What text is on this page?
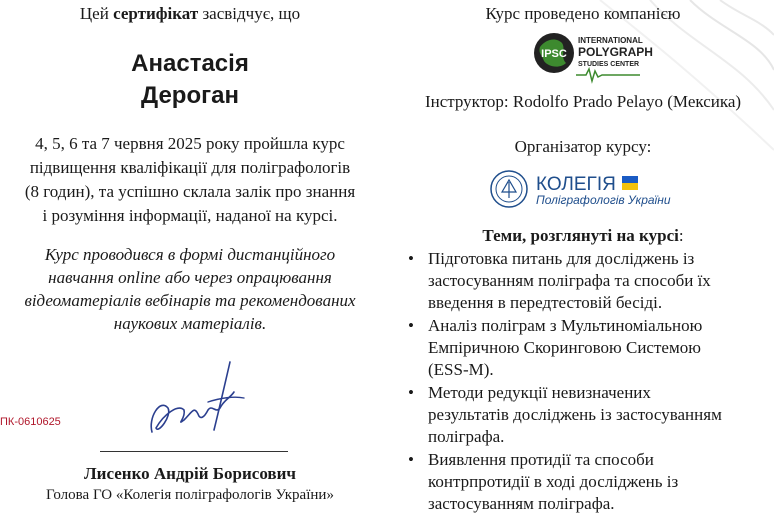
Цей сертифікат засвідчує, що
Анастасія
Дероган
4, 5, 6 та 7 червня 2025 року пройшла курс
підвищення кваліфікації для поліграфологів
(8 годин), та успішно склала залік про знання
і розуміння інформації, наданої на курсі.
Курс проводився в формі дистанційного
навчання online або через опрацювання
відеоматеріалів вебінарів та рекомендованих
наукових матеріалів.
ПК-0610625
Лисенко Андрій Борисович
Голова ГО «Колегія поліграфологів України»
Курс проведено компанією
IPSC
INTERNATIONAL
POLYGRAPH
STUDIES CENTER
Інструктор: Rodolfo Prado Pelayo (Мексика)
Організатор курсу:
КОЛЕГІЯ
Поліграфологів України
Теми, розглянуті на курсі:
• Підготовка питань для досліджень із
застосуванням поліграфа та способи їх
введення в передтестовій бесіді.
• Аналіз поліграм з Мультиноміальною
Емпіричною Скоринговою Системою
(ESS-M).
• Методи редукції невизначених
результатів досліджень із застосуванням
поліграфа.
• Виявлення протидії та способи
контрпротидії в ході досліджень із
застосуванням поліграфа.
